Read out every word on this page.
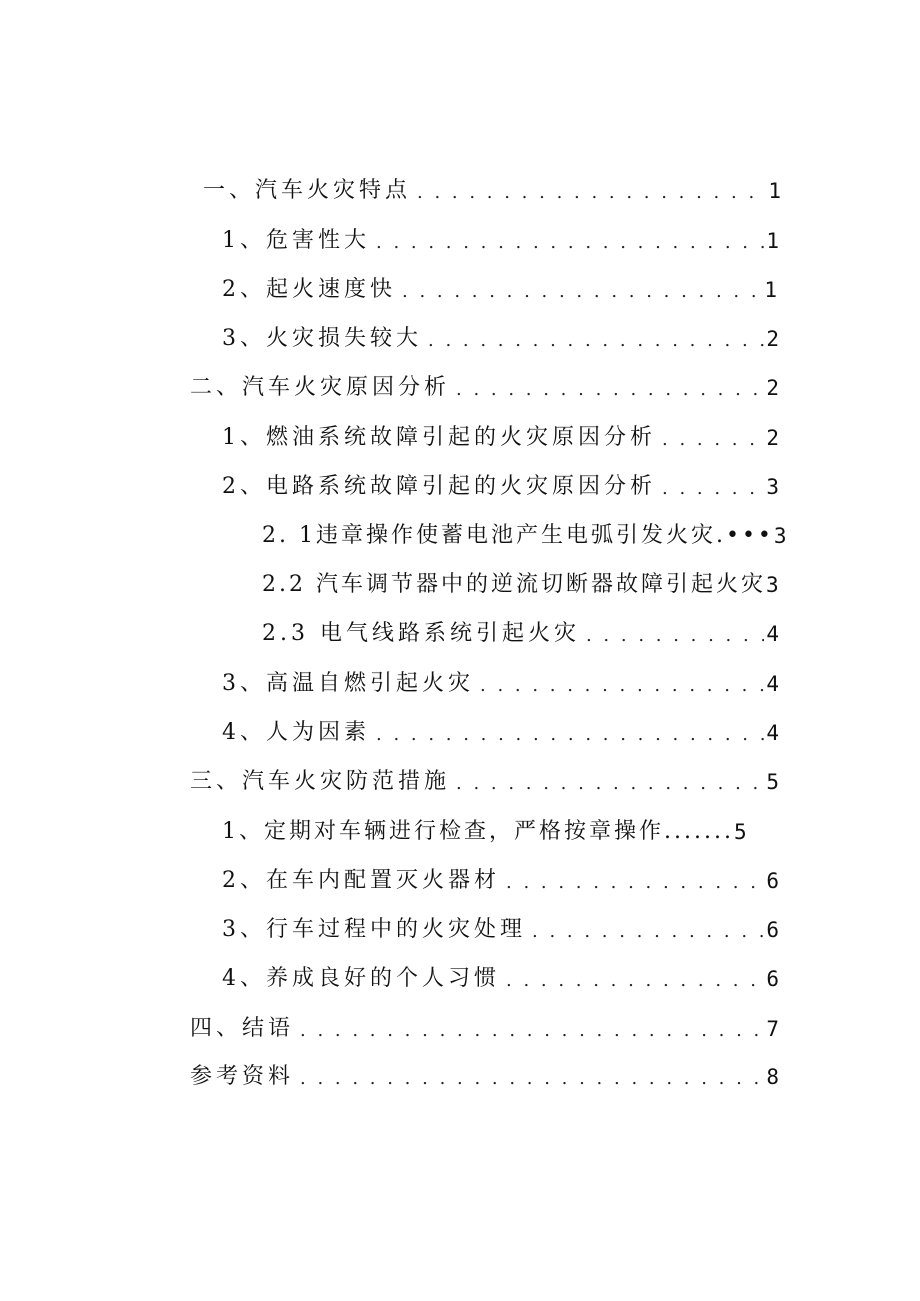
一、汽车火灾特点 . . .	1
1、危害性大 . . .	1
2、起火速度快 . . .	1
3、火灾损失较大 . . .	2
二、汽车火灾原因分析 . . .	2
1、燃油系统故障引起的火灾原因分析 . . .	2
2、电路系统故障引起的火灾原因分析 . . .	3
2. 1违章操作使蓄电池产生电弧引发火灾.••• 3
2.2 汽车调节器中的逆流切断器故障引起火灾 3
2.3 电气线路系统引起火灾 . . .	4
3、高温自燃引起火灾 . . .	4
4、人为因素 . . .	4
三、汽车火灾防范措施 . . .	5
1、定期对车辆进行检查，严格按章操作....... 5
2、在车内配置灭火器材 . . .	6
3、行车过程中的火灾处理 . . .	6
4、养成良好的个人习惯 . . .	6
四、结语 . . .	7
参考资料 . . .	8
